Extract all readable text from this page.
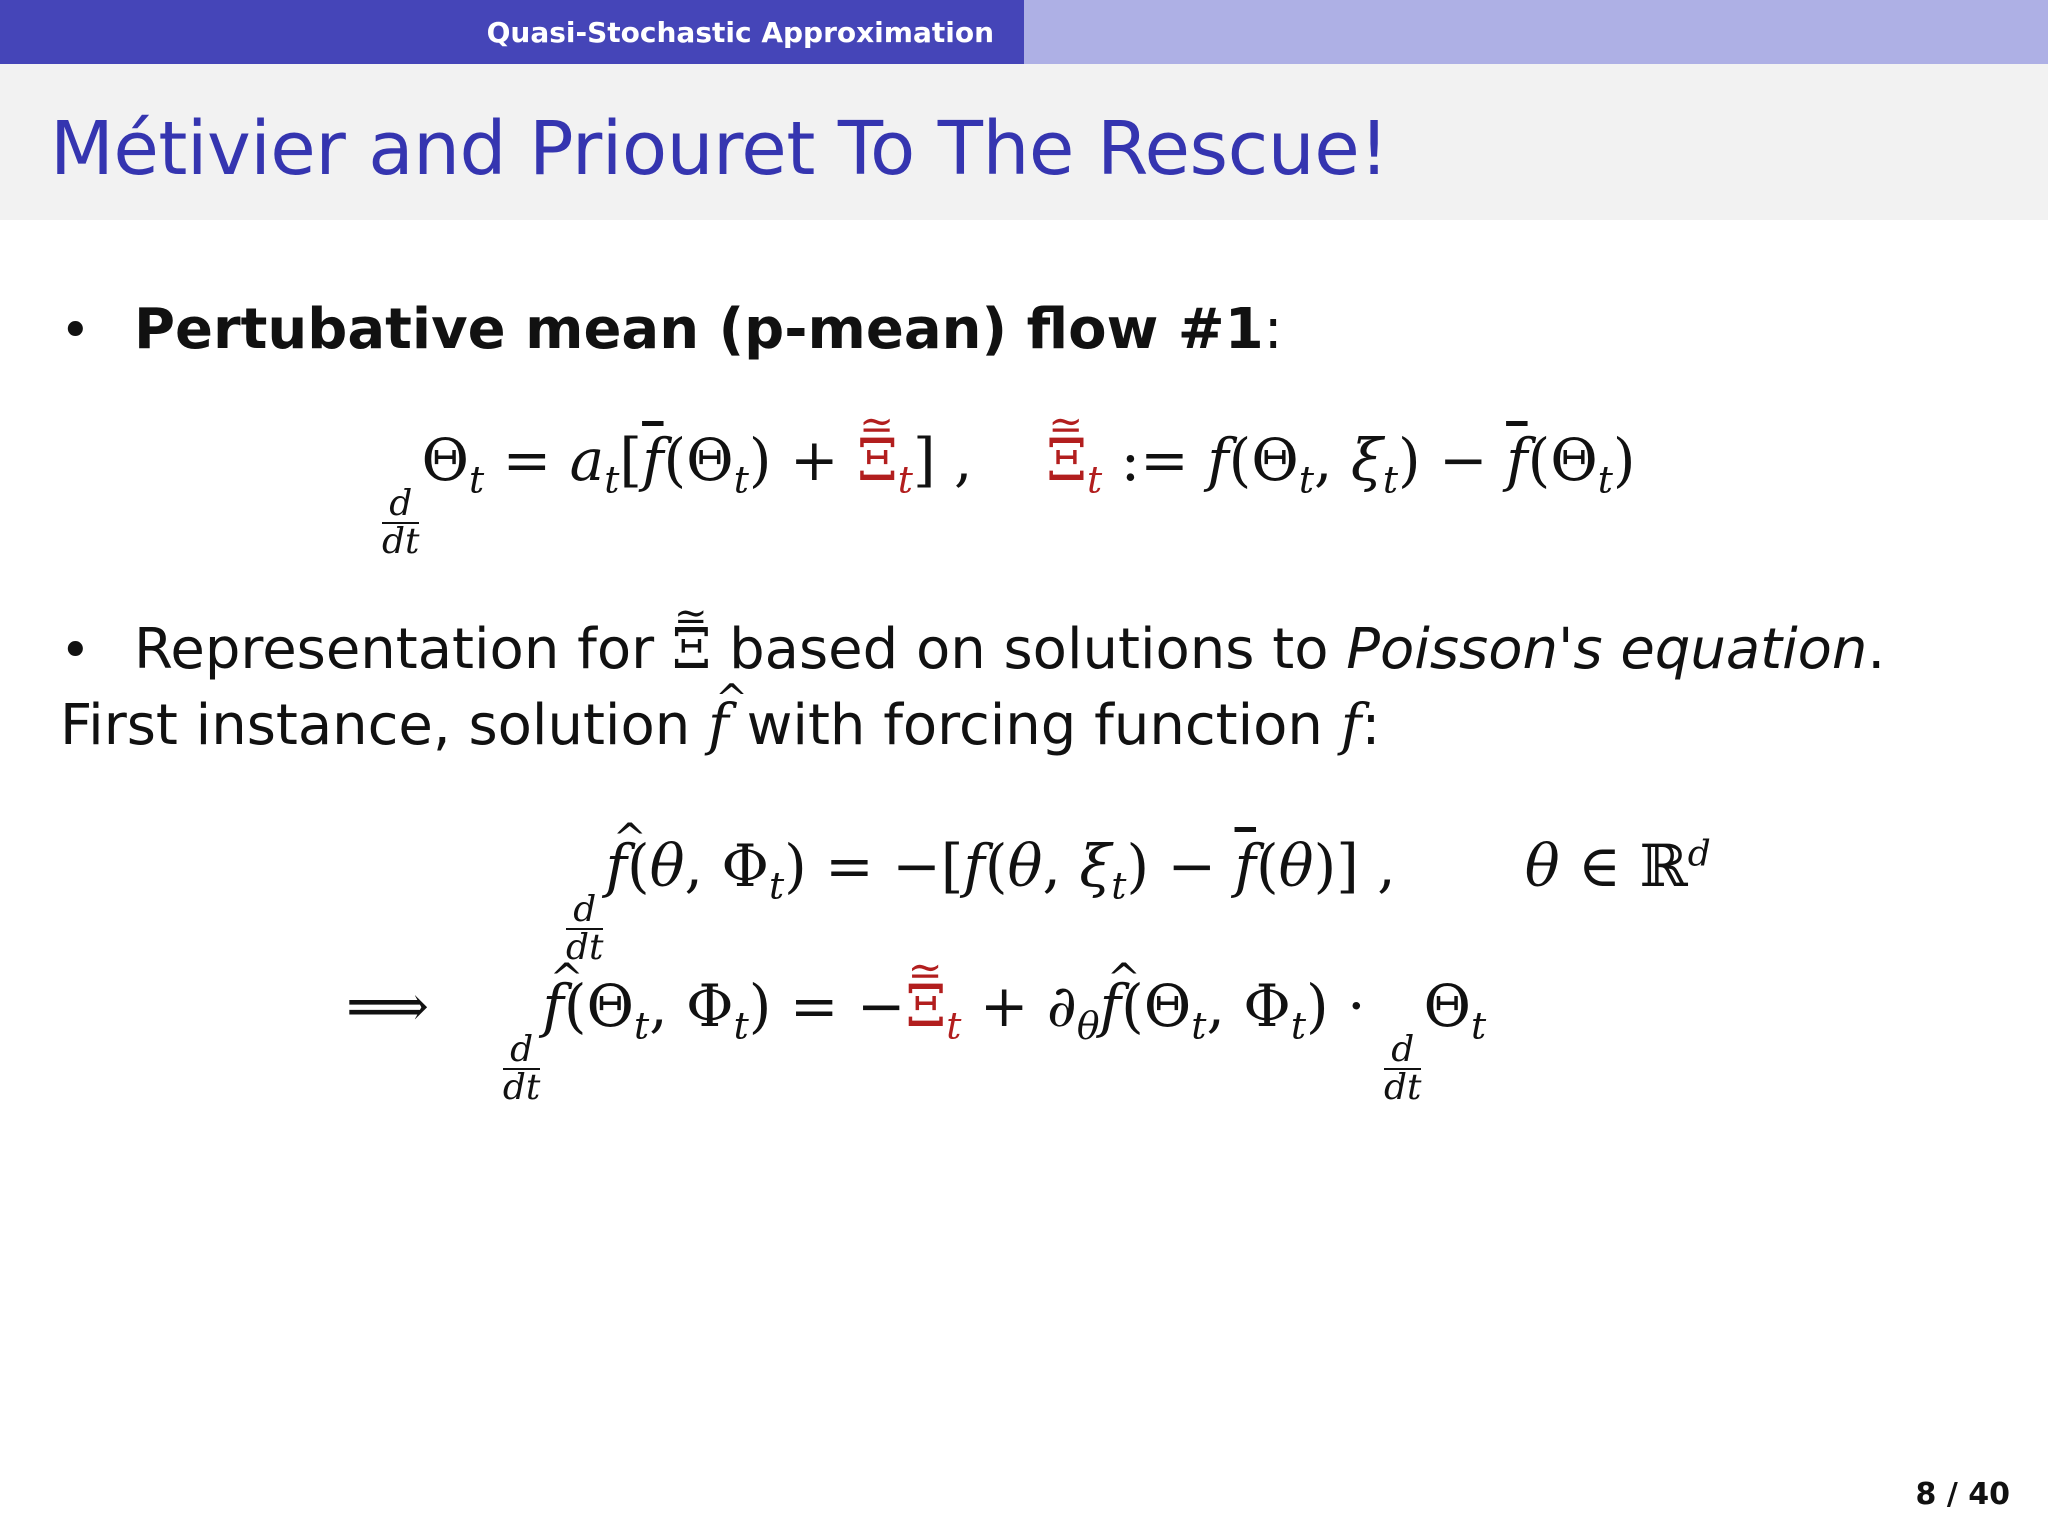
Quasi-Stochastic Approximation
Métivier and Priouret To The Rescue!
• Pertubative mean (p-mean) flow #1:
$\frac{d}{dt}$
$\Theta_t = a_t[\overline{f}(\Theta_t)$ + ≃ $\Xi_t$] ,    ≃ $\Xi_t$ := $f(\Theta_t$, $\xi_t) - \overline{f}(\Theta_t)$
• Representation for ≃ Ξ based on solutions to Poisson's equation.
First instance, solution ^ f with forcing function f:
$\frac{d}{dt}$
^ f(θ, $\Phi_t) = -[f(\theta$, $\xi_t) - \overline{f}(\theta)$] ,       θ ∈ ℝ$^d$
⟹
$\frac{d}{dt}$
^ $f(\Theta_t$, $\Phi_t$) = −≃ $\Xi_t$ + $\partial_\theta\^{}$ $f(\Theta_t$, $\Phi_t$) ·
$\frac{d}{dt}$
$\Theta_t$
8 / 40
